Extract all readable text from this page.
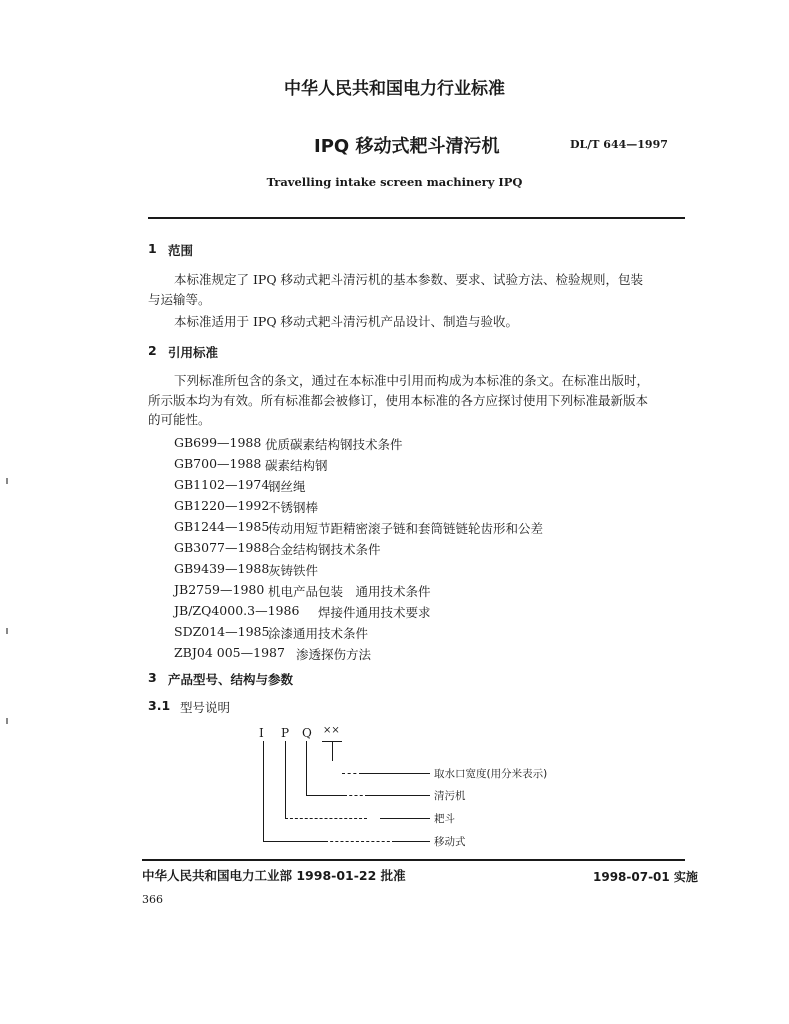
中华人民共和国电力行业标准
IPQ 移动式耙斗清污机	DL/T 644—1997
Travelling intake screen machinery IPQ
1 范围
本标准规定了 IPQ 移动式耙斗清污机的基本参数、要求、试验方法、检验规则，包装
与运输等。
本标准适用于 IPQ 移动式耙斗清污机产品设计、制造与验收。
2 引用标准
下列标准所包含的条文，通过在本标准中引用而构成为本标准的条文。在标准出版时，
所示版本均为有效。所有标准都会被修订，使用本标准的各方应探讨使用下列标准最新版本
的可能性。
GB699—1988 优质碳素结构钢技术条件
GB700—1988 碳素结构钢
GB1102—1974
钢丝绳
GB1220—1992
不锈钢棒
GB1244—1985
传动用短节距精密滚子链和套筒链链轮齿形和公差
GB3077—1988
合金结构钢技术条件
GB9439—1988
灰铸铁件
JB2759—1980 机电产品包装　通用技术条件
JB/ZQ4000.3—1986 焊接件通用技术要求
SDZ014—1985
涂漆通用技术条件
ZBJ04 005—1987 渗透探伤方法
3 产品型号、结构与参数
3.1 型号说明
I P Q ××
取水口宽度(用分米表示)
清污机
耙斗
移动式
中华人民共和国电力工业部 1998-01-22 批准	1998-07-01 实施
366
